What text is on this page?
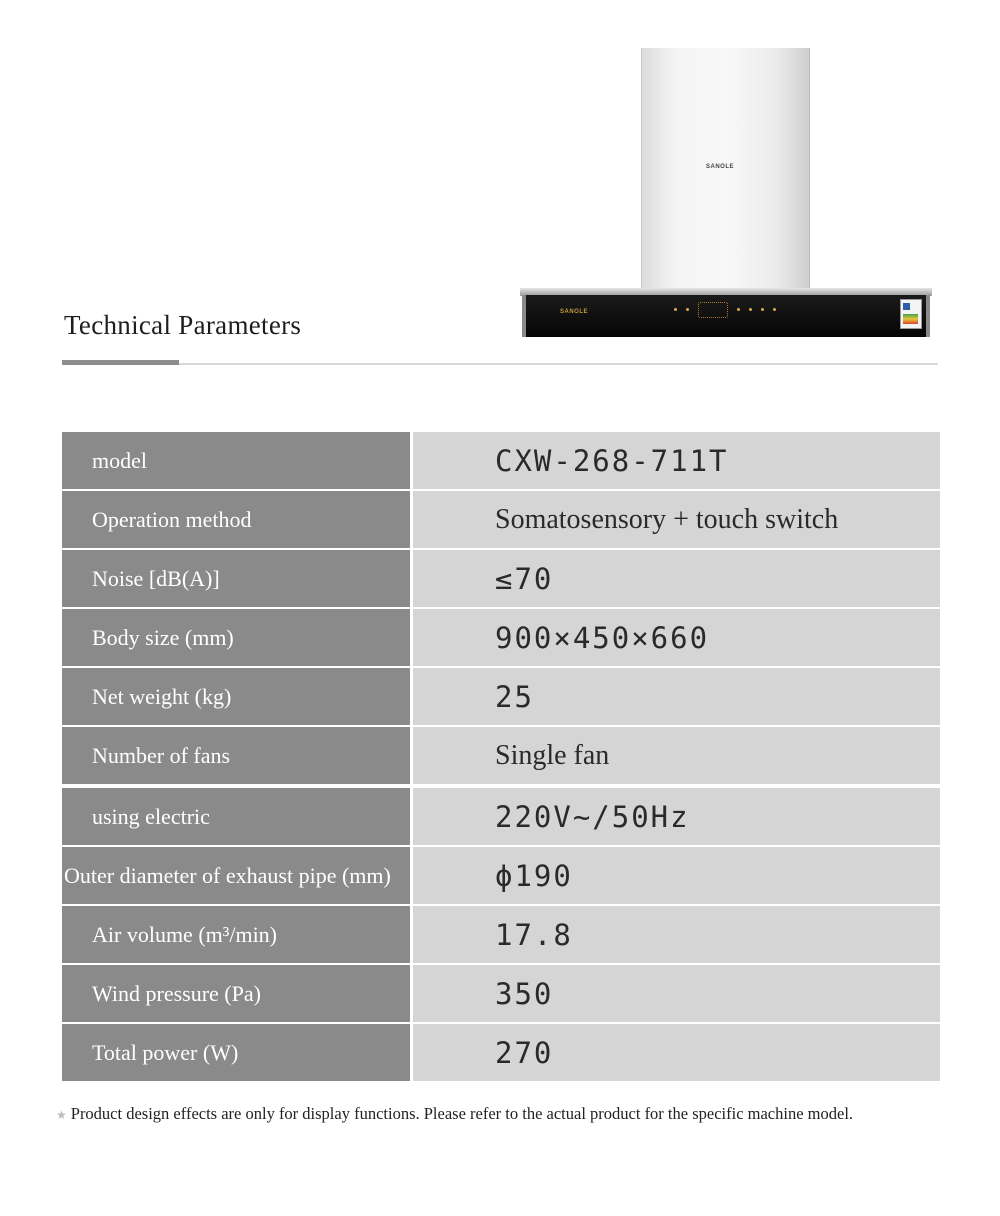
SANOLE
SANOLE
Technical Parameters
model	CXW-268-711T
Operation method	Somatosensory + touch switch
Noise [dB(A)]	≤70
Body size (mm)	900×450×660
Net weight (kg)	25
Number of fans	Single fan
using electric	220V~/50Hz
Outer diameter of exhaust pipe (mm)	ϕ190
Air volume (m³/min)	17.8
Wind pressure (Pa)	350
Total power (W)	270
★ Product design effects are only for display functions. Please refer to the actual product for the specific machine model.
